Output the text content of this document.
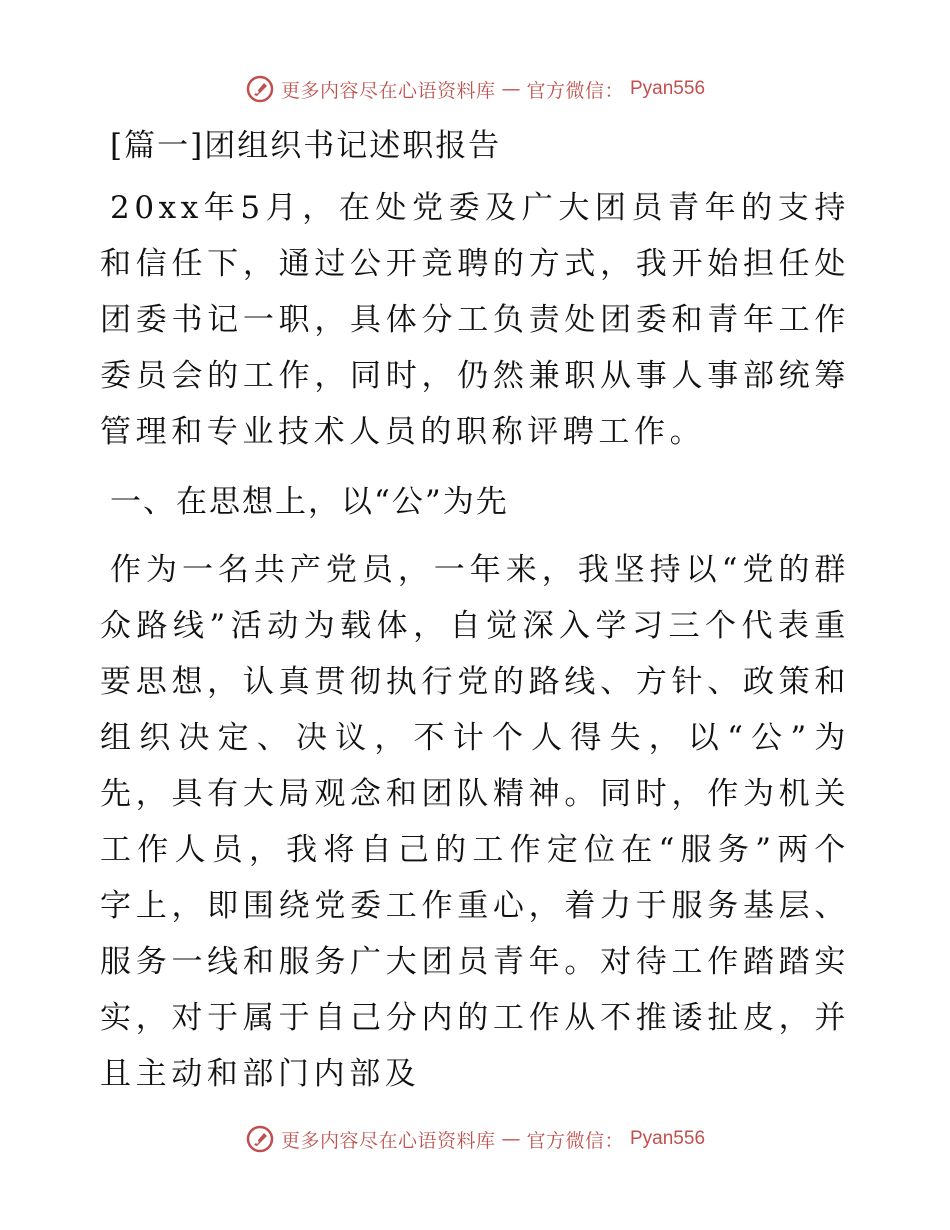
更多内容尽在心语资料库 — 官方微信： Pyan556
[篇一]团组织书记述职报告

20xx年5月，在处党委及广大团员青年的支持和信任下，通过公开竞聘的方式，我开始担任处团委书记一职，具体分工负责处团委和青年工作委员会的工作，同时，仍然兼职从事人事部统筹管理和专业技术人员的职称评聘工作。

一、在思想上，以“公”为先

作为一名共产党员，一年来，我坚持以“党的群众路线”活动为载体，自觉深入学习三个代表重要思想，认真贯彻执行党的路线、方针、政策和组织决定、决议，不计个人得失，以“公”为先，具有大局观念和团队精神。同时，作为机关工作人员，我将自己的工作定位在“服务”两个字上，即围绕党委工作重心，着力于服务基层、服务一线和服务广大团员青年。对待工作踏踏实实，对于属于自己分内的工作从不推诿扯皮，并且主动和部门内部及

更多内容尽在心语资料库 — 官方微信： Pyan556
